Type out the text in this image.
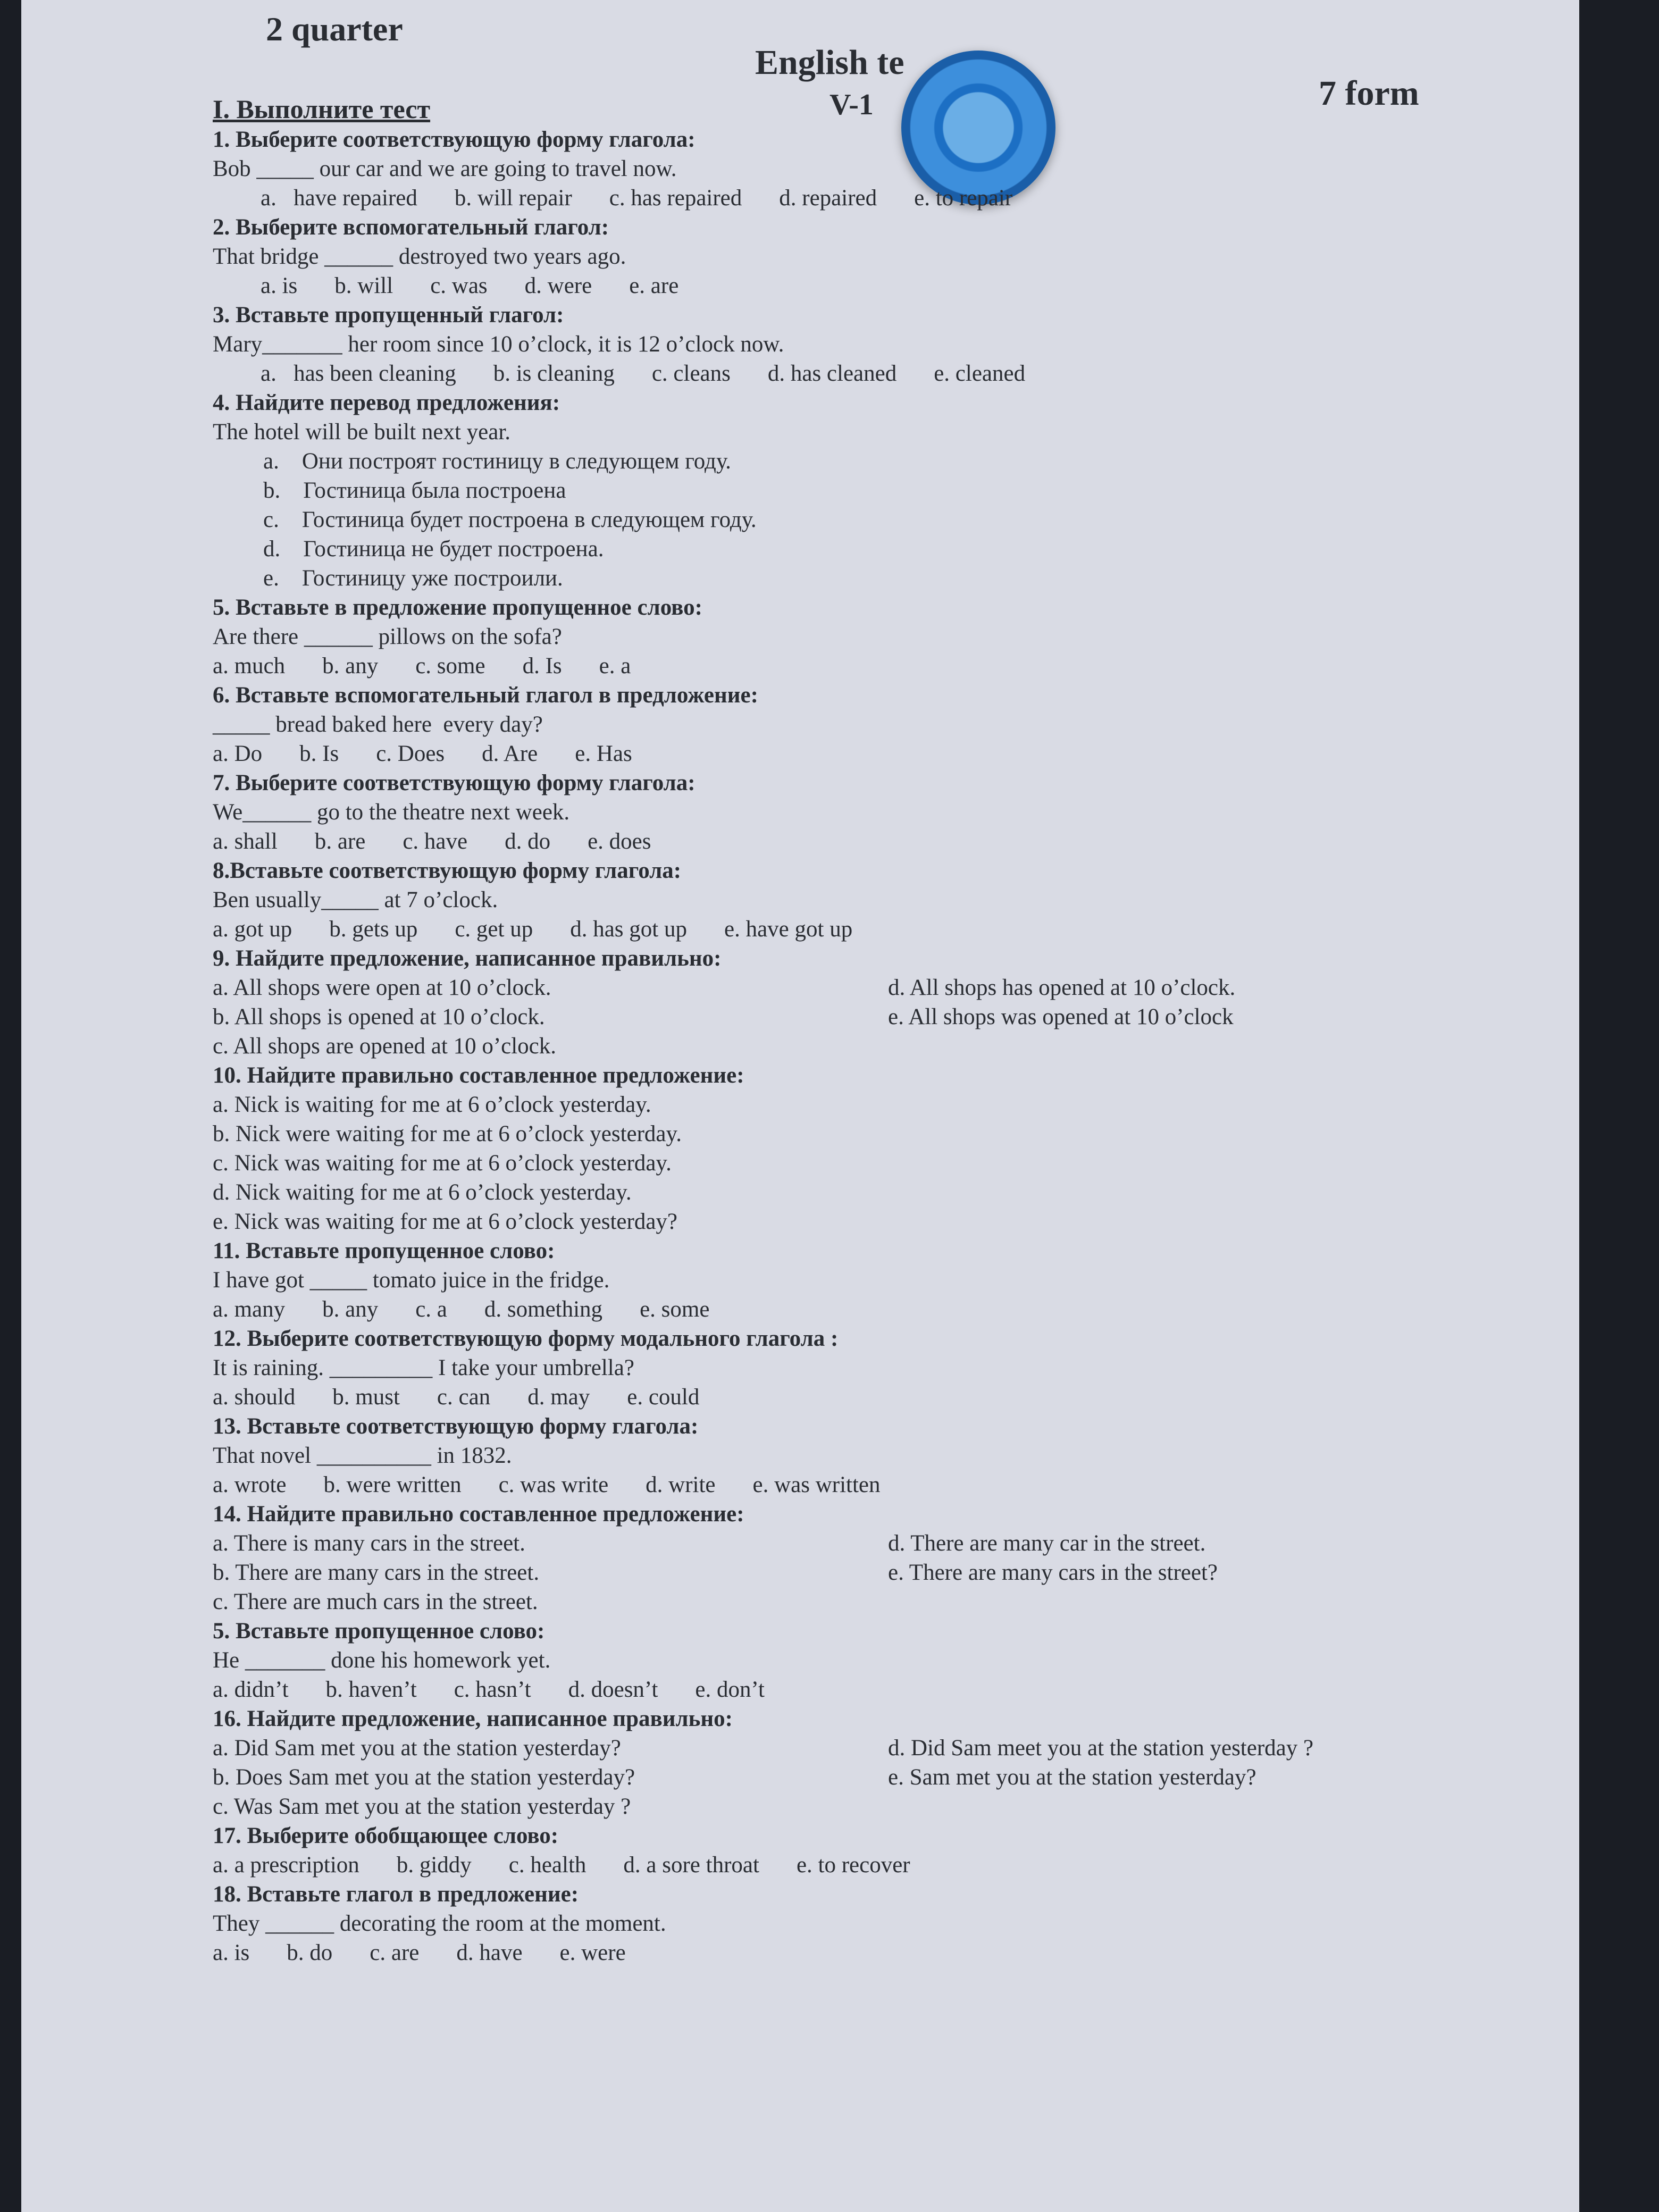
2 quarter
English te
V-1	7 form
I. Выполните тест
1. Выберите соответствующую форму глагола:
Bob _____ our car and we are going to travel now.
a.   have repaired b. will repair c. has repaired d. repaired e. to repair
2. Выберите вспомогательный глагол:
That bridge ______ destroyed two years ago.
a. is b. will c. was d. were e. are
3. Вставьте пропущенный глагол:
Mary_______ her room since 10 o’clock, it is 12 o’clock now.
a.   has been cleaning b. is cleaning c. cleans d. has cleaned e. cleaned
4. Найдите перевод предложения:
The hotel will be built next year.
a.    Они построят гостиницу в следующем году.
b.    Гостиница была построена
c.    Гостиница будет построена в следующем году.
d.    Гостиница не будет построена.
e.    Гостиницу уже построили.
5. Вставьте в предложение пропущенное слово:
Are there ______ pillows on the sofa?
a. much b. any c. some d. Is e. a
6. Вставьте вспомогательный глагол в предложение:
_____ bread baked here  every day?
a. Do b. Is c. Does d. Are e. Has
7. Выберите соответствующую форму глагола:
We______ go to the theatre next week.
a. shall b. are c. have d. do e. does
8.Вставьте соответствующую форму глагола:
Ben usually_____ at 7 o’clock.
a. got up b. gets up c. get up d. has got up e. have got up
9. Найдите предложение, написанное правильно:
a. All shops were open at 10 o’clock.
b. All shops is opened at 10 o’clock.
c. All shops are opened at 10 o’clock.
d. All shops has opened at 10 o’clock.
e. All shops was opened at 10 o’clock
10. Найдите правильно составленное предложение:
a. Nick is waiting for me at 6 o’clock yesterday.
b. Nick were waiting for me at 6 o’clock yesterday.
c. Nick was waiting for me at 6 o’clock yesterday.
d. Nick waiting for me at 6 o’clock yesterday.
e. Nick was waiting for me at 6 o’clock yesterday?
11. Вставьте пропущенное слово:
I have got _____ tomato juice in the fridge.
a. many b. any c. a d. something e. some
12. Выберите соответствующую форму модального глагола :
It is raining. _________ I take your umbrella?
a. should b. must c. can d. may e. could
13. Вставьте соответствующую форму глагола:
That novel __________ in 1832.
a. wrote b. were written c. was write d. write e. was written
14. Найдите правильно составленное предложение:
a. There is many cars in the street.
b. There are many cars in the street.
c. There are much cars in the street.
d. There are many car in the street.
e. There are many cars in the street?
5. Вставьте пропущенное слово:
He _______ done his homework yet.
a. didn’t b. haven’t c. hasn’t d. doesn’t e. don’t
16. Найдите предложение, написанное правильно:
a. Did Sam met you at the station yesterday?
b. Does Sam met you at the station yesterday?
c. Was Sam met you at the station yesterday ?
d. Did Sam meet you at the station yesterday ?
e. Sam met you at the station yesterday?
17. Выберите обобщающее слово:
a. a prescription b. giddy c. health d. a sore throat e. to recover
18. Вставьте глагол в предложение:
They ______ decorating the room at the moment.
a. is b. do c. are d. have e. were
